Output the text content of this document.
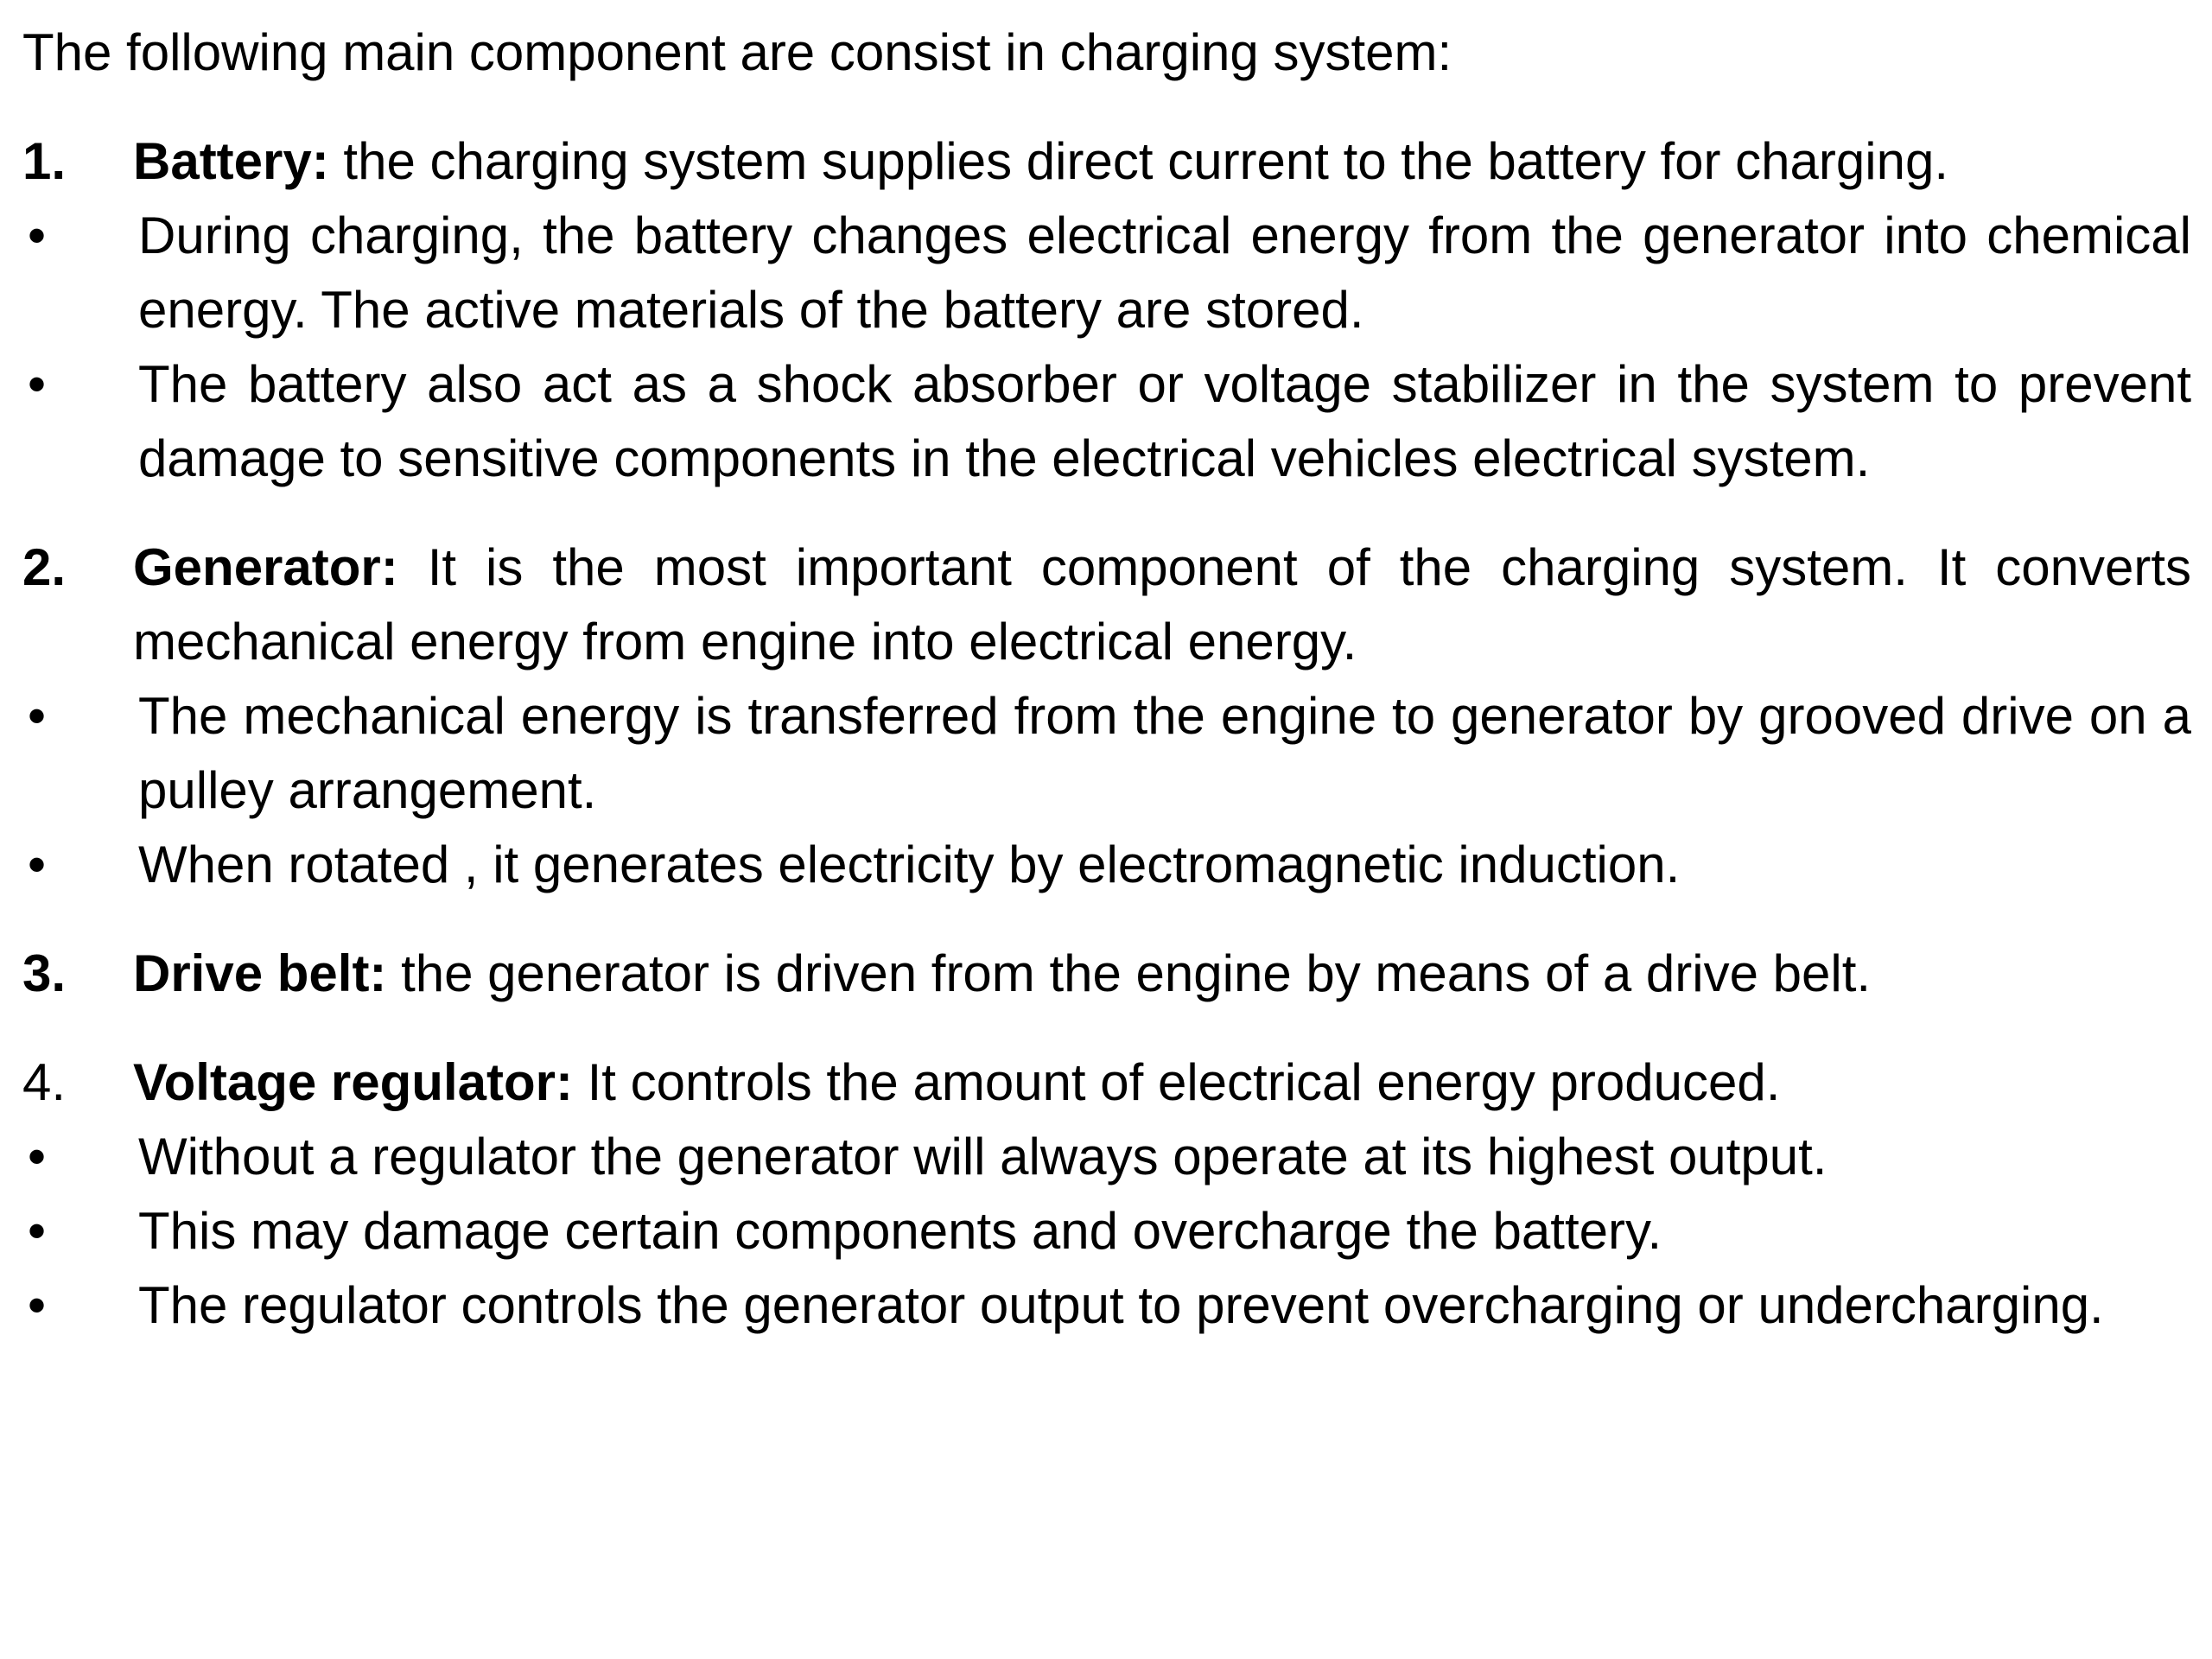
The following main component are consist in charging system:
1.	Battery: the charging system supplies direct current to the battery for charging.
•	During charging, the battery changes electrical energy from the generator into chemical energy. The active materials of the battery are stored.
•	The battery also act as a shock absorber or voltage stabilizer in the system to prevent damage to sensitive components in the electrical vehicles electrical system.
2.	Generator: It is the most important component of the charging system. It converts mechanical energy from engine into electrical energy.
•	The mechanical energy is transferred from the engine to generator by grooved drive on a pulley arrangement.
•	When rotated , it generates electricity by electromagnetic induction.
3.	Drive belt: the generator is driven from the engine by means of a drive belt.
4.	Voltage regulator: It controls the amount of electrical energy produced.
•	Without a regulator the generator will always operate at its highest output.
•	This may damage certain components and overcharge the battery.
•	The regulator controls the generator output to prevent overcharging or undercharging.
